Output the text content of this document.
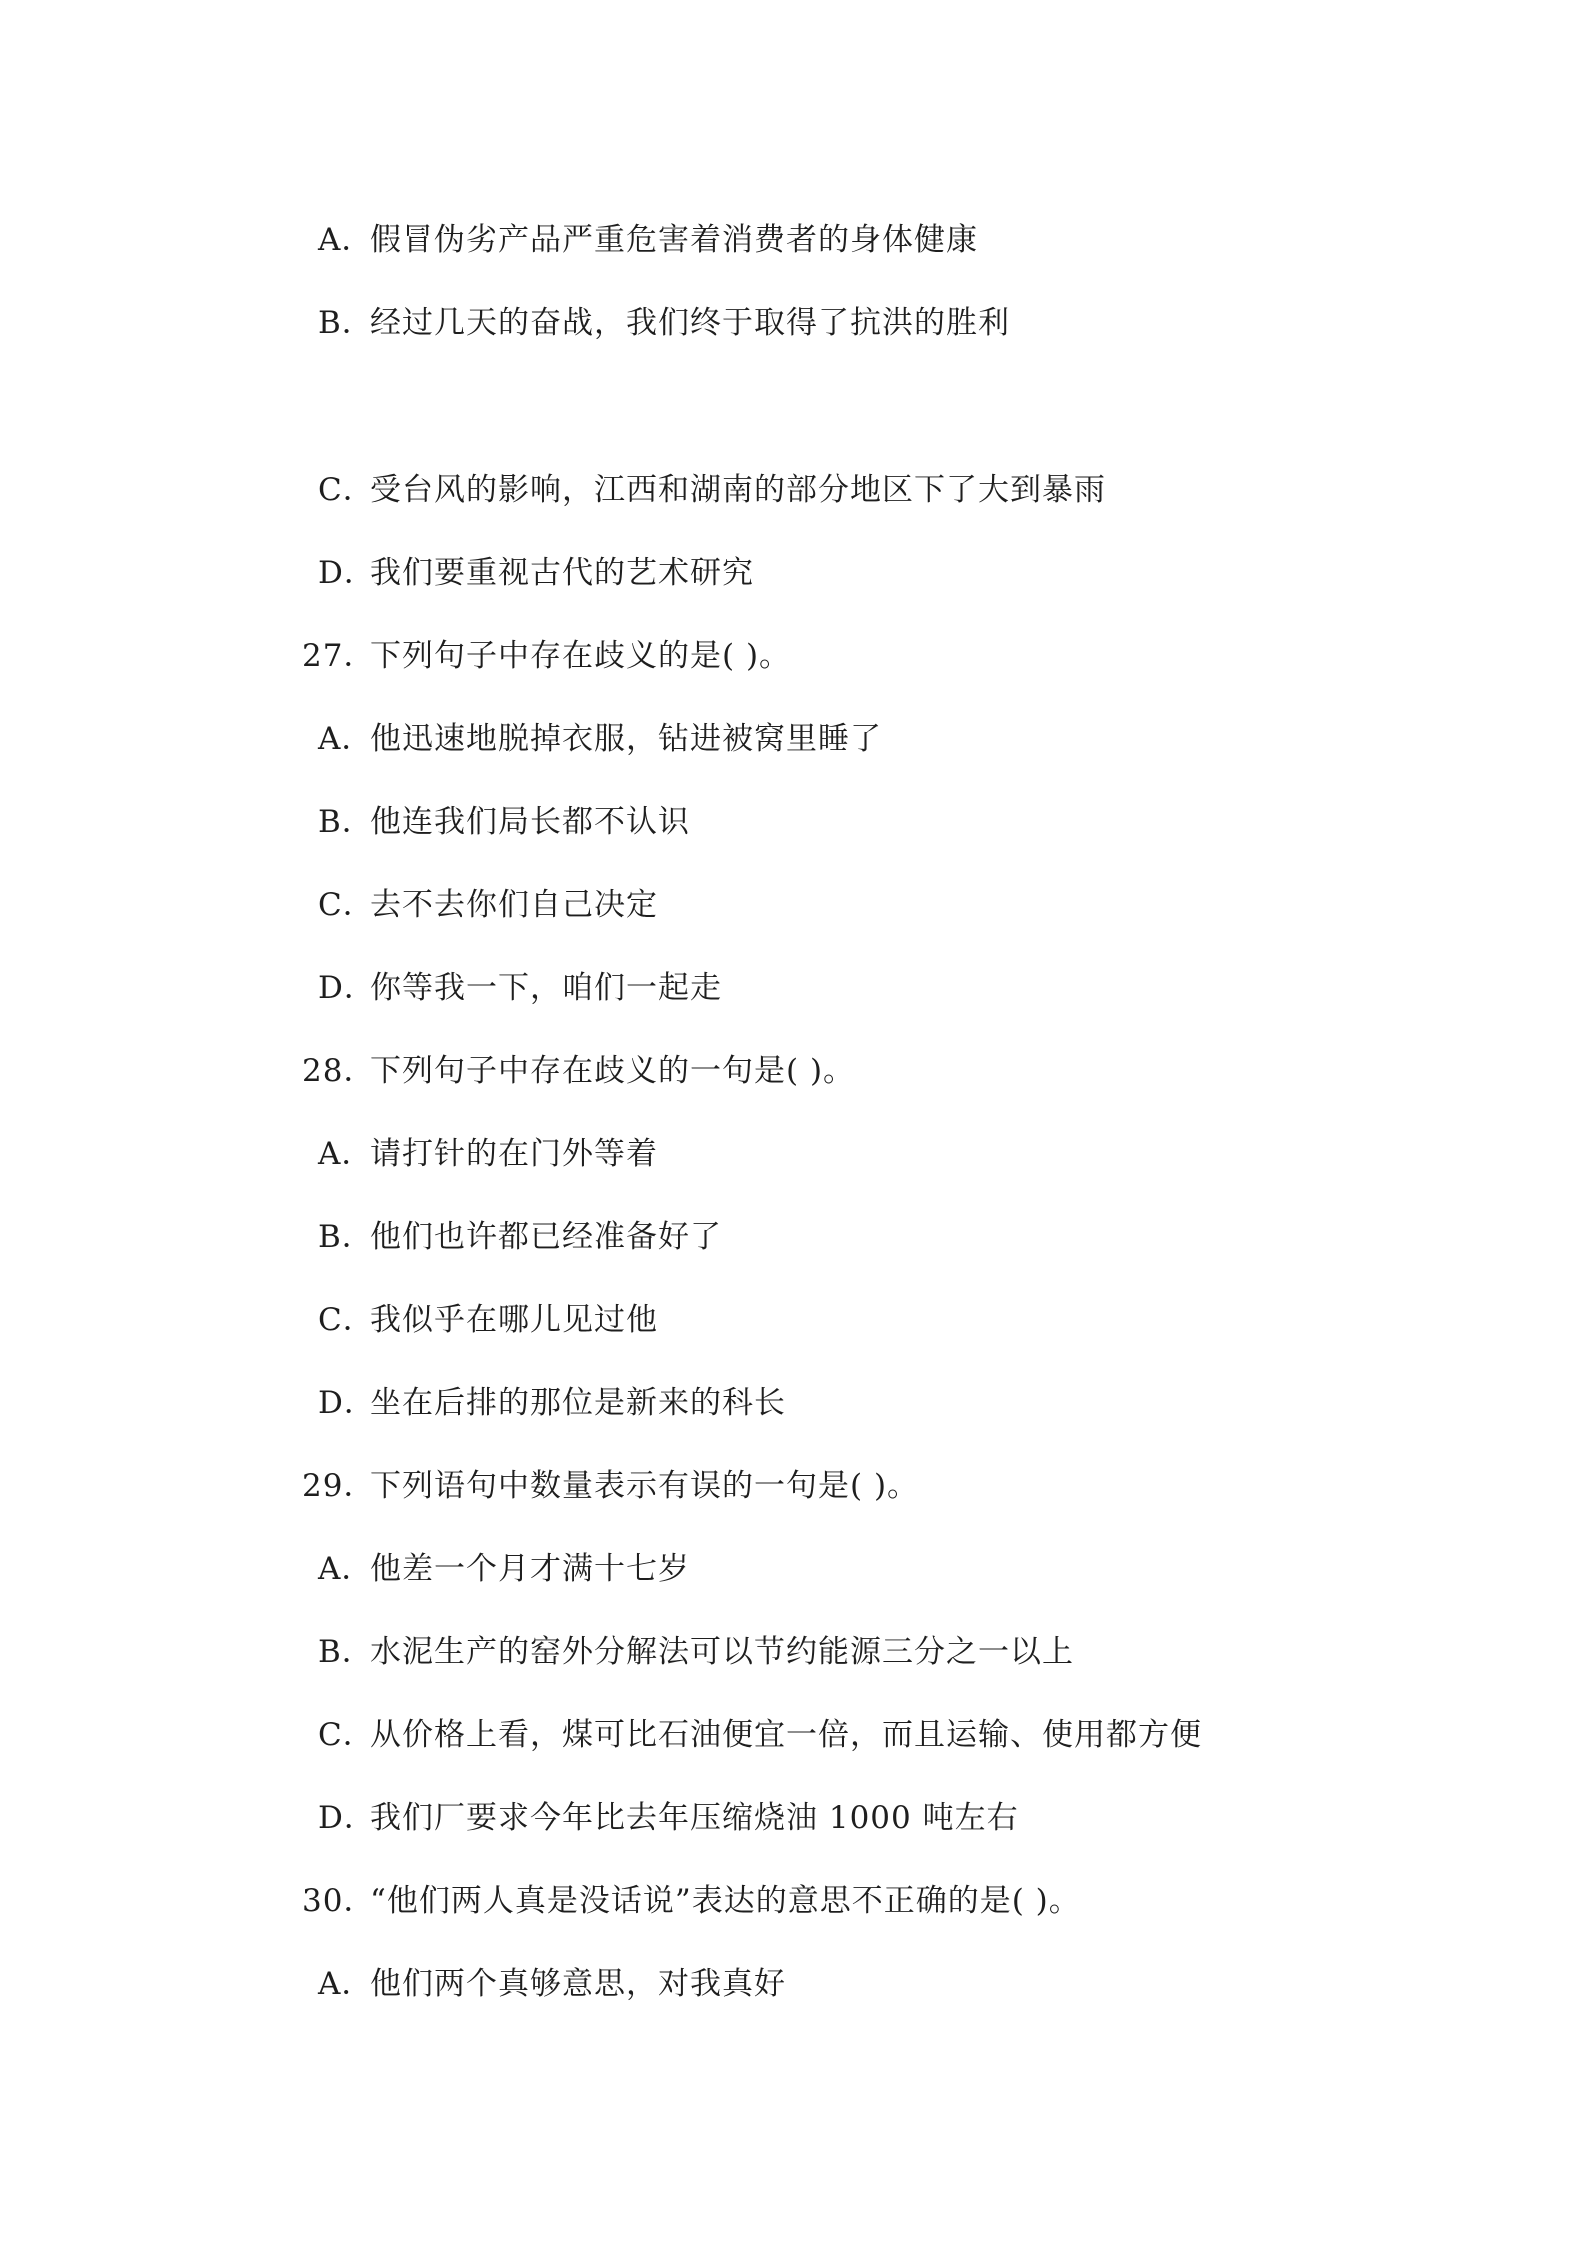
A．假冒伪劣产品严重危害着消费者的身体健康
B．经过几天的奋战，我们终于取得了抗洪的胜利
C．受台风的影响，江西和湖南的部分地区下了大到暴雨
D．我们要重视古代的艺术研究
27．下列句子中存在歧义的是( )。
A．他迅速地脱掉衣服，钻进被窝里睡了
B．他连我们局长都不认识
C．去不去你们自己决定
D．你等我一下，咱们一起走
28．下列句子中存在歧义的一句是( )。
A．请打针的在门外等着
B．他们也许都已经准备好了
C．我似乎在哪儿见过他
D．坐在后排的那位是新来的科长
29．下列语句中数量表示有误的一句是( )。
A．他差一个月才满十七岁
B．水泥生产的窑外分解法可以节约能源三分之一以上
C．从价格上看，煤可比石油便宜一倍，而且运输、使用都方便
D．我们厂要求今年比去年压缩烧油 1000 吨左右
30．“他们两人真是没话说”表达的意思不正确的是( )。
A．他们两个真够意思，对我真好
